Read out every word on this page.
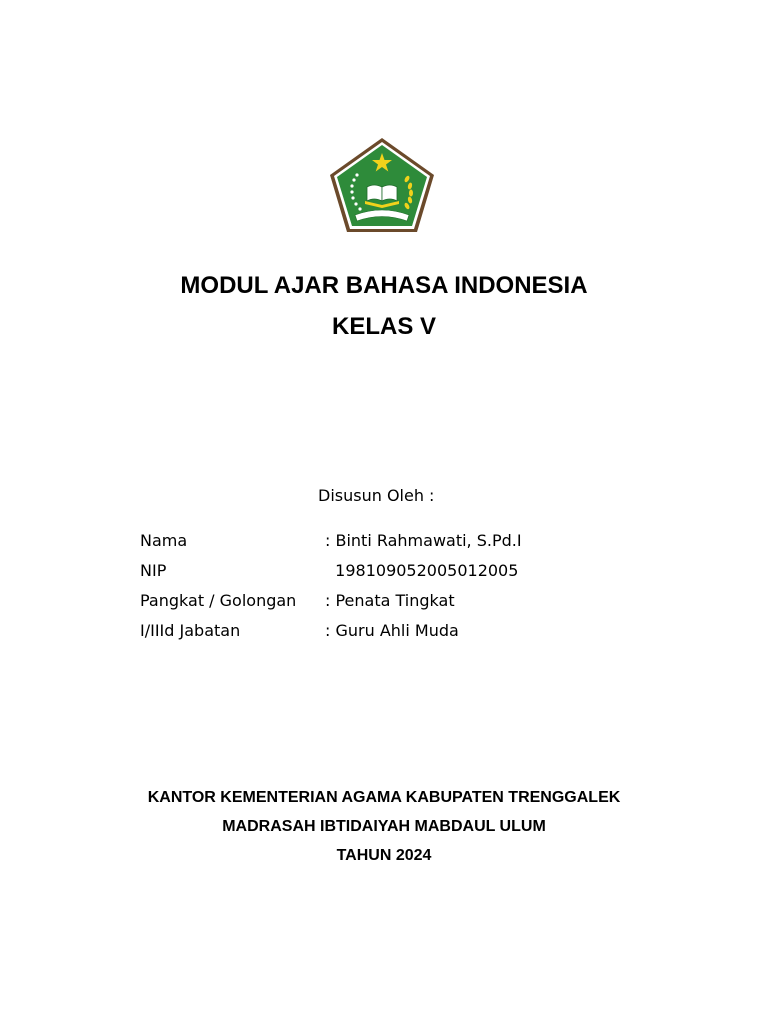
MODUL AJAR BAHASA INDONESIA
KELAS V
Disusun Oleh :
Nama	: Binti Rahmawati, S.Pd.I
NIP	198109052005012005
Pangkat / Golongan : Penata Tingkat
I/IIId Jabatan	: Guru Ahli Muda
KANTOR KEMENTERIAN AGAMA KABUPATEN TRENGGALEK
MADRASAH IBTIDAIYAH MABDAUL ULUM
TAHUN 2024
